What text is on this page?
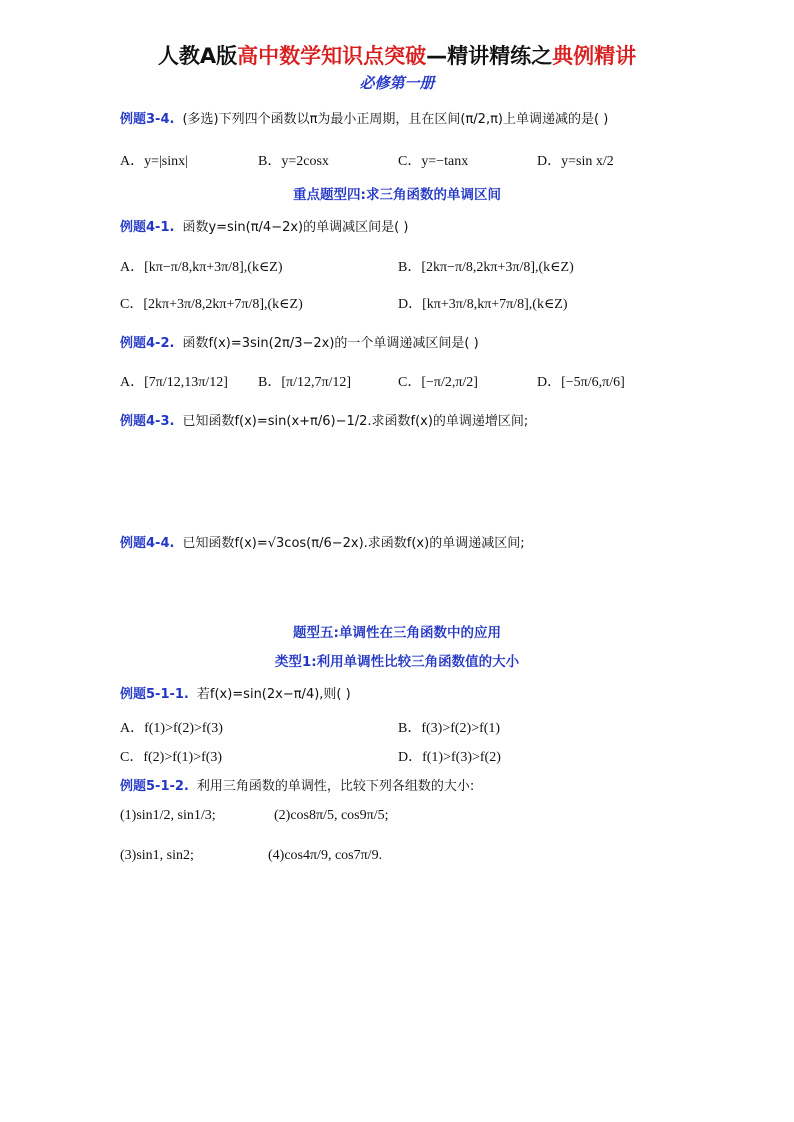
人教A版高中数学知识点突破—精讲精练之典例精讲
必修第一册
例题3-4. (多选)下列四个函数以π为最小正周期，且在区间(π/2,π)上单调递减的是( )
A．y=|sinx|	B．y=2cosx	C．y=−tanx	D．y=sin x/2
重点题型四:求三角函数的单调区间
例题4-1. 函数y=sin(π/4−2x)的单调减区间是( )
A．[kπ−π/8,kπ+3π/8],(k∈Z)	B．[2kπ−π/8,2kπ+3π/8],(k∈Z)
C．[2kπ+3π/8,2kπ+7π/8],(k∈Z)	D．[kπ+3π/8,kπ+7π/8],(k∈Z)
例题4-2. 函数f(x)=3sin(2π/3−2x)的一个单调递减区间是( )
A．[7π/12,13π/12] B．[π/12,7π/12]	C．[−π/2,π/2]	D．[−5π/6,π/6]
例题4-3. 已知函数f(x)=sin(x+π/6)−1/2.求函数f(x)的单调递增区间;
例题4-4. 已知函数f(x)=√3cos(π/6−2x).求函数f(x)的单调递减区间;
题型五:单调性在三角函数中的应用
类型1:利用单调性比较三角函数值的大小
例题5-1-1. 若f(x)=sin(2x−π/4),则( )
A．f(1)>f(2)>f(3)	B．f(3)>f(2)>f(1)
C．f(2)>f(1)>f(3)	D．f(1)>f(3)>f(2)
例题5-1-2. 利用三角函数的单调性，比较下列各组数的大小:
(1)sin1/2, sin1/3;	(2)cos8π/5, cos9π/5;
(3)sin1, sin2;	(4)cos4π/9, cos7π/9.
